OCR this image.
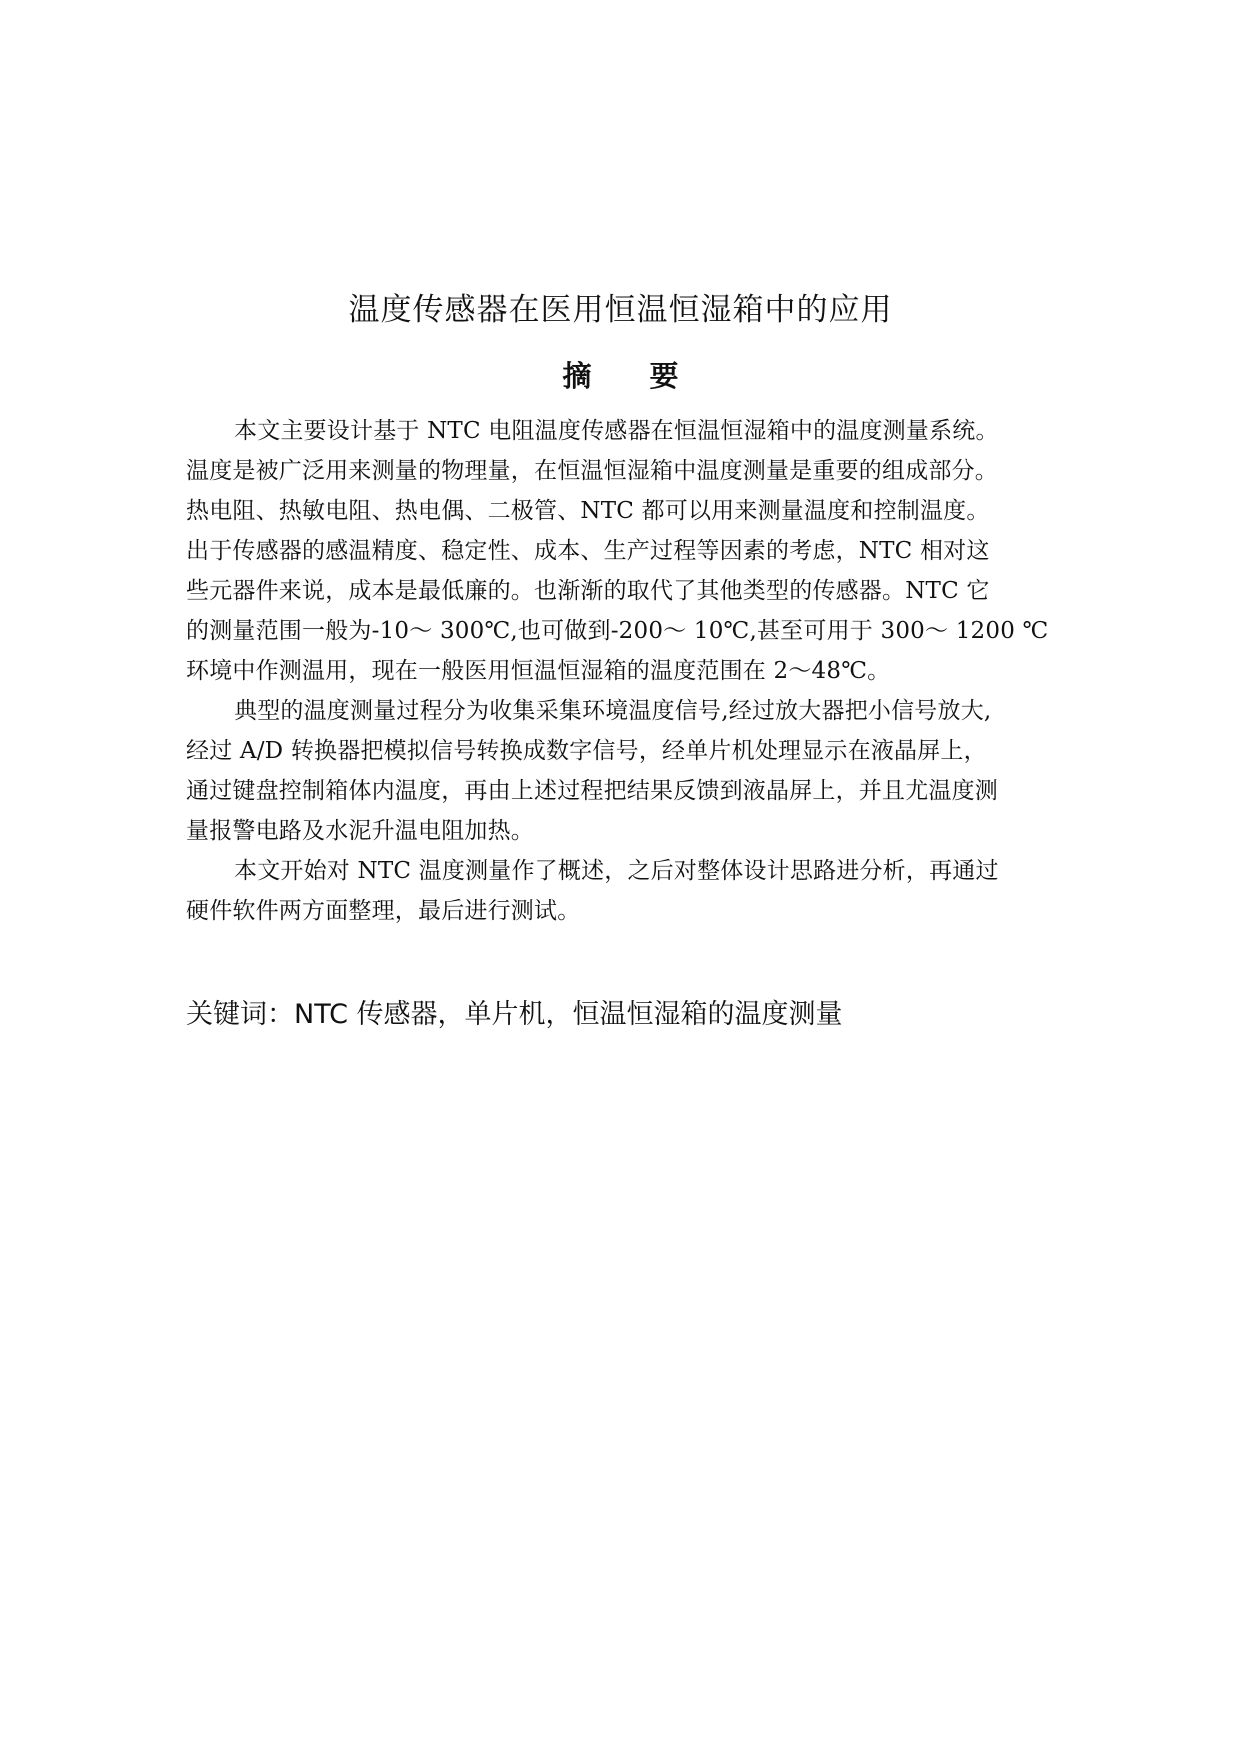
温度传感器在医用恒温恒湿箱中的应用
摘 要
本文主要设计基于 NTC 电阻温度传感器在恒温恒湿箱中的温度测量系统。
温度是被广泛用来测量的物理量，在恒温恒湿箱中温度测量是重要的组成部分。
热电阻、热敏电阻、热电偶、二极管、NTC 都可以用来测量温度和控制温度。
出于传感器的感温精度、稳定性、成本、生产过程等因素的考虑，NTC 相对这
些元器件来说，成本是最低廉的。也渐渐的取代了其他类型的传感器。NTC 它
的测量范围一般为-10～ 300℃,也可做到-200～ 10℃,甚至可用于 300～ 1200 ℃
环境中作测温用，现在一般医用恒温恒湿箱的温度范围在 2～48℃。
典型的温度测量过程分为收集采集环境温度信号,经过放大器把小信号放大,
经过 A/D 转换器把模拟信号转换成数字信号，经单片机处理显示在液晶屏上，
通过键盘控制箱体内温度，再由上述过程把结果反馈到液晶屏上，并且尤温度测
量报警电路及水泥升温电阻加热。
本文开始对 NTC 温度测量作了概述，之后对整体设计思路进分析，再通过
硬件软件两方面整理，最后进行测试。
关键词：NTC 传感器，单片机，恒温恒湿箱的温度测量
